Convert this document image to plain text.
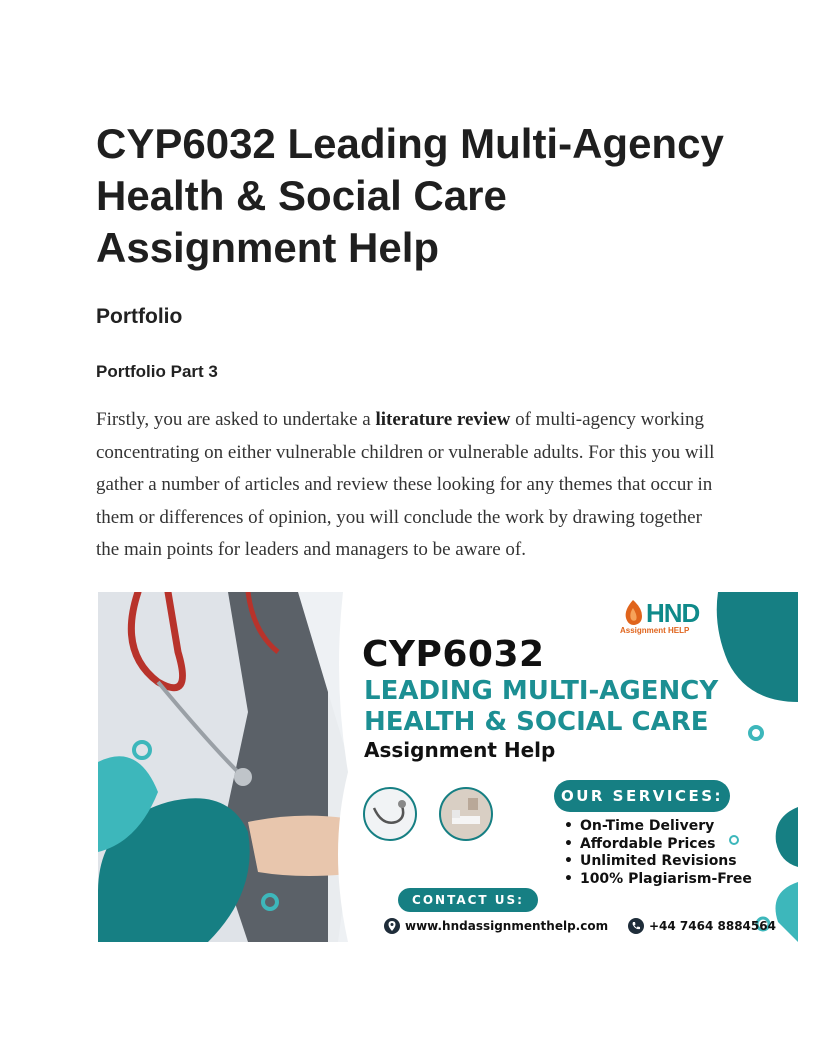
CYP6032 Leading Multi-Agency Health & Social Care Assignment Help
Portfolio
Portfolio Part 3

Firstly, you are asked to undertake a literature review of multi-agency working concentrating on either vulnerable children or vulnerable adults. For this you will gather a number of articles and review these looking for any themes that occur in them or differences of opinion, you will conclude the work by drawing together the main points for leaders and managers to be aware of.

HND
Assignment HELP
CYP6032
LEADING MULTI-AGENCY
HEALTH & SOCIAL CARE
Assignment Help
OUR SERVICES:
• On-Time Delivery
• Affordable Prices
• Unlimited Revisions
• 100% Plagiarism-Free
CONTACT US:
www.hndassignmenthelp.com	+44 7464 8884564
